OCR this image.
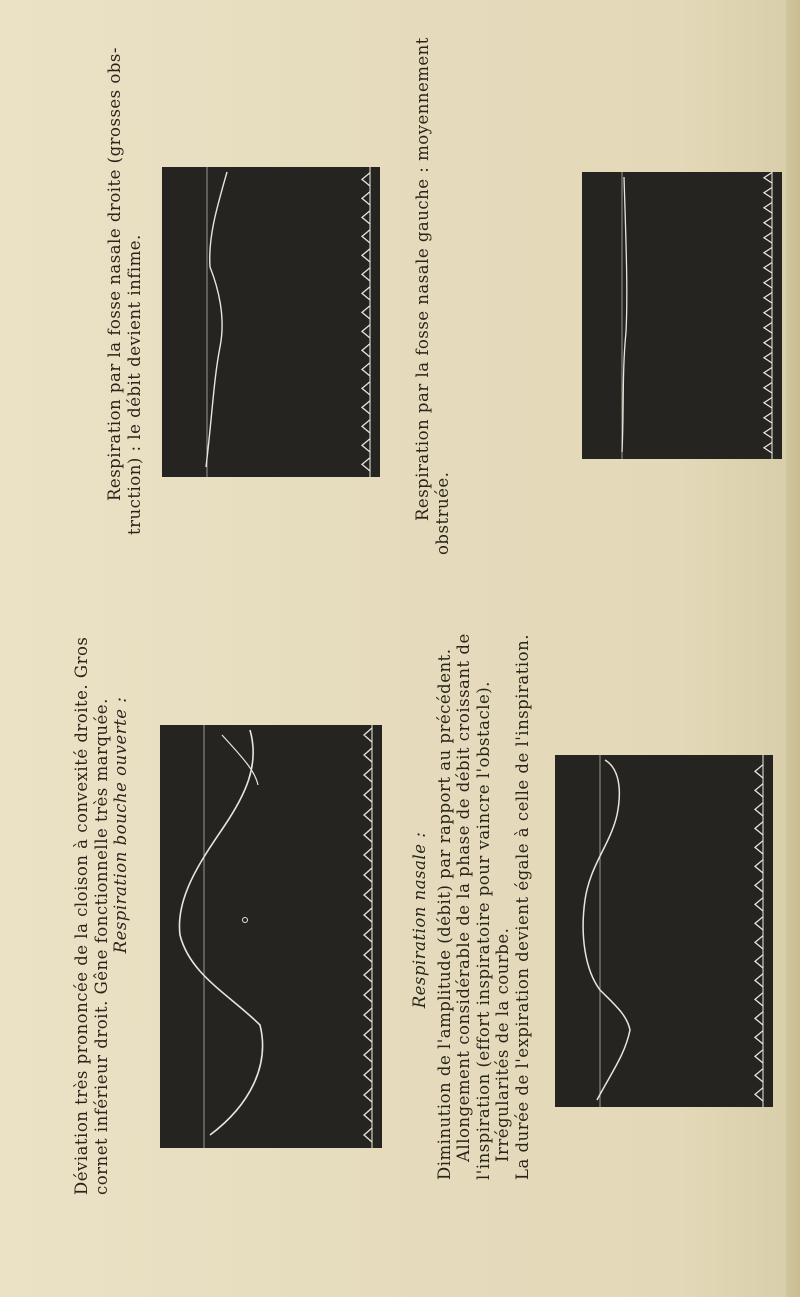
Déviation très prononcée de la cloison à convexité droite. Gros cornet inférieur droit. Gêne fonctionnelle très marquée. Respiration bouche ouverte :
Respiration par la fosse nasale droite (grosses obs- truction) : le débit devient infime.
Respiration nasale : Diminution de l'amplitude (débit) par rapport au précédent. Allongement considérable de la phase de débit croissant de l'inspiration (effort inspiratoire pour vaincre l'obstacle). Irrégularités de la courbe. La durée de l'expiration devient égale à celle de l'inspiration.
Respiration par la fosse nasale gauche : moyennement obstruée.
